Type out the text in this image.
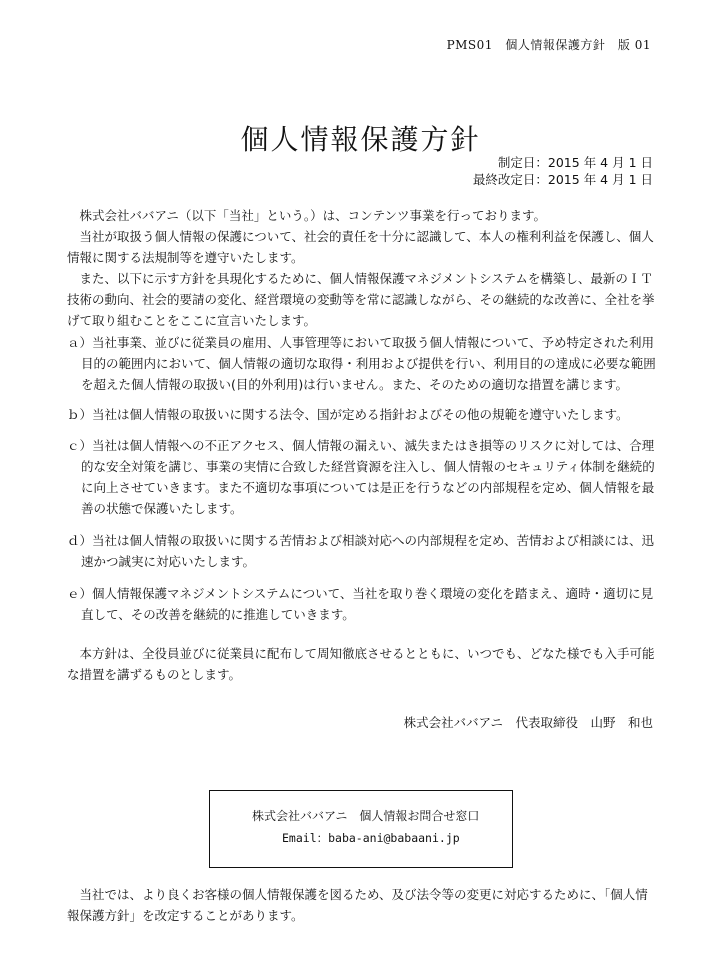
PMS01　個人情報保護方針　版 01
個人情報保護方針
制定日：2015 年 4 月 1 日
最終改定日：2015 年 4 月 1 日

株式会社ババアニ（以下「当社」という。）は、コンテンツ事業を行っております。

当社が取扱う個人情報の保護について、社会的責任を十分に認識して、本人の権利利益を保護し、個人情報に関する法規制等を遵守いたします。

また、以下に示す方針を具現化するために、個人情報保護マネジメントシステムを構築し、最新のＩＴ技術の動向、社会的要請の変化、経営環境の変動等を常に認識しながら、その継続的な改善に、全社を挙げて取り組むことをここに宣言いたします。

ａ）当社事業、並びに従業員の雇用、人事管理等において取扱う個人情報について、予め特定された利用目的の範囲内において、個人情報の適切な取得・利用および提供を行い、利用目的の達成に必要な範囲を超えた個人情報の取扱い(目的外利用)は行いません。また、そのための適切な措置を講じます。

ｂ）当社は個人情報の取扱いに関する法令、国が定める指針およびその他の規範を遵守いたします。

ｃ）当社は個人情報への不正アクセス、個人情報の漏えい、滅失またはき損等のリスクに対しては、合理的な安全対策を講じ、事業の実情に合致した経営資源を注入し、個人情報のセキュリティ体制を継続的に向上させていきます。また不適切な事項については是正を行うなどの内部規程を定め、個人情報を最善の状態で保護いたします。

ｄ）当社は個人情報の取扱いに関する苦情および相談対応への内部規程を定め、苦情および相談には、迅速かつ誠実に対応いたします。

ｅ）個人情報保護マネジメントシステムについて、当社を取り巻く環境の変化を踏まえ、適時・適切に見直して、その改善を継続的に推進していきます。

本方針は、全役員並びに従業員に配布して周知徹底させるとともに、いつでも、どなた様でも入手可能な措置を講ずるものとします。

株式会社ババアニ　代表取締役　山野　和也
株式会社ババアニ　個人情報お問合せ窓口
Email：baba-ani@babaani.jp

当社では、より良くお客様の個人情報保護を図るため、及び法令等の変更に対応するために、「個人情報保護方針」を改定することがあります。
